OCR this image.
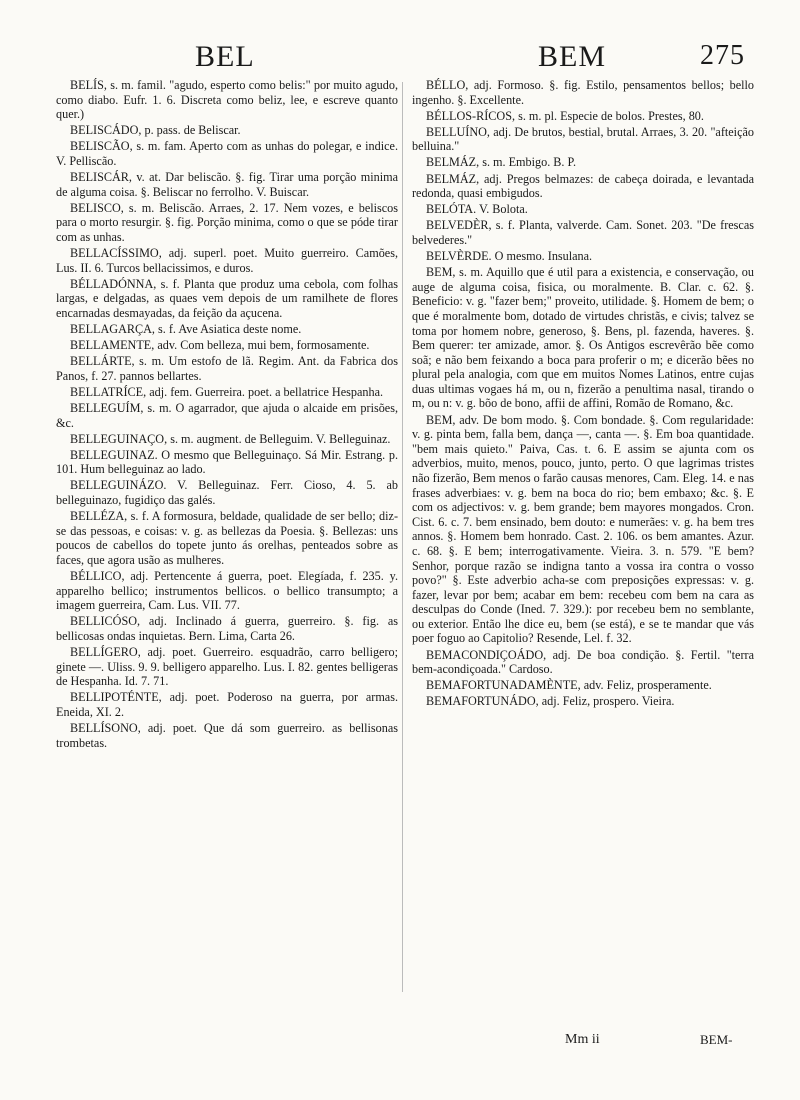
BEL	BEM	275

BELÍS, s. m. famil. "agudo, esperto como belis:" por muito agudo, como diabo. Eufr. 1. 6. Discreta como beliz, lee, e escreve quanto quer.)

BELISCÁDO, p. pass. de Beliscar.

BELISCÃO, s. m. fam. Aperto com as unhas do polegar, e indice. V. Pelliscão.

BELISCÁR, v. at. Dar beliscão. §. fig. Tirar uma porção minima de alguma coisa. §. Beliscar no ferrolho. V. Buiscar.

BELISCO, s. m. Beliscão. Arraes, 2. 17. Nem vozes, e beliscos para o morto resurgir. §. fig. Porção minima, como o que se póde tirar com as unhas.

BELLACÍSSIMO, adj. superl. poet. Muito guerreiro. Camões, Lus. II. 6. Turcos bellacissimos, e duros.

BÉLLADÓNNA, s. f. Planta que produz uma cebola, com folhas largas, e delgadas, as quaes vem depois de um ramilhete de flores encarnadas desmayadas, da feição da açucena.

BELLAGARÇA, s. f. Ave Asiatica deste nome.

BELLAMENTE, adv. Com belleza, mui bem, formosamente.

BELLÁRTE, s. m. Um estofo de lã. Regim. Ant. da Fabrica dos Panos, f. 27. pannos bellartes.

BELLATRÍCE, adj. fem. Guerreira. poet. a bellatrice Hespanha.

BELLEGUÍM, s. m. O agarrador, que ajuda o alcaide em prisões, &c.

BELLEGUINAÇO, s. m. augment. de Belleguim. V. Belleguinaz.

BELLEGUINAZ. O mesmo que Belleguinaço. Sá Mir. Estrang. p. 101. Hum belleguinaz ao lado.

BELLEGUINÁZO. V. Belleguinaz. Ferr. Cioso, 4. 5. ab belleguinazo, fugidiço das galés.

BELLÉZA, s. f. A formosura, beldade, qualidade de ser bello; diz-se das pessoas, e coisas: v. g. as bellezas da Poesia. §. Bellezas: uns poucos de cabellos do topete junto ás orelhas, penteados sobre as faces, que agora usão as mulheres.

BÉLLICO, adj. Pertencente á guerra, poet. Elegíada, f. 235. y. apparelho bellico; instrumentos bellicos. o bellico transumpto; a imagem guerreira, Cam. Lus. VII. 77.

BELLICÓSO, adj. Inclinado á guerra, guerreiro. §. fig. as bellicosas ondas inquietas. Bern. Lima, Carta 26.

BELLÍGERO, adj. poet. Guerreiro. esquadrão, carro belligero; ginete —. Uliss. 9. 9. belligero apparelho. Lus. I. 82. gentes belligeras de Hespanha. Id. 7. 71.

BELLIPOTÉNTE, adj. poet. Poderoso na guerra, por armas. Eneida, XI. 2.

BELLÍSONO, adj. poet. Que dá som guerreiro. as bellisonas trombetas.

BÉLLO, adj. Formoso. §. fig. Estilo, pensamentos bellos; bello ingenho. §. Excellente.

BÉLLOS-RÍCOS, s. m. pl. Especie de bolos. Prestes, 80.

BELLUÍNO, adj. De brutos, bestial, brutal. Arraes, 3. 20. "afteição belluina."

BELMÁZ, s. m. Embigo. B. P.

BELMÁZ, adj. Pregos belmazes: de cabeça doirada, e levantada redonda, quasi embigudos.

BELÓTA. V. Bolota.

BELVEDÈR, s. f. Planta, valverde. Cam. Sonet. 203. "De frescas belvederes."

BELVÈRDE. O mesmo. Insulana.

BEM, s. m. Aquillo que é util para a existencia, e conservação, ou auge de alguma coisa, fisica, ou moralmente. B. Clar. c. 62. §. Beneficio: v. g. "fazer bem;" proveito, utilidade. §. Homem de bem; o que é moralmente bom, dotado de virtudes christãs, e civis; talvez se toma por homem nobre, generoso, §. Bens, pl. fazenda, haveres. §. Bem querer: ter amizade, amor. §. Os Antigos escrevêrão bẽe como soã; e não bem feixando a boca para proferir o m; e dicerão bẽes no plural pela analogia, com que em muitos Nomes Latinos, entre cujas duas ultimas vogaes há m, ou n, fizerão a penultima nasal, tirando o m, ou n: v. g. bõo de bono, affii de affini, Romão de Romano, &c.

BEM, adv. De bom modo. §. Com bondade. §. Com regularidade: v. g. pinta bem, falla bem, dança —, canta —. §. Em boa quantidade. "bem mais quieto." Paiva, Cas. t. 6. E assim se ajunta com os adverbios, muito, menos, pouco, junto, perto. O que lagrimas tristes não fizerão, Bem menos o farão causas menores, Cam. Eleg. 14. e nas frases adverbiaes: v. g. bem na boca do rio; bem embaxo; &c. §. E com os adjectivos: v. g. bem grande; bem mayores mongados. Cron. Cist. 6. c. 7. bem ensinado, bem douto: e numerães: v. g. ha bem tres annos. §. Homem bem honrado. Cast. 2. 106. os bem amantes. Azur. c. 68. §. E bem; interrogativamente. Vieira. 3. n. 579. "E bem? Senhor, porque razão se indigna tanto a vossa ira contra o vosso povo?" §. Este adverbio acha-se com preposições expressas: v. g. fazer, levar por bem; acabar em bem: recebeu com bem na cara as desculpas do Conde (Ined. 7. 329.): por recebeu bem no semblante, ou exterior. Então lhe dice eu, bem (se está), e se te mandar que vás poer foguo ao Capitolio? Resende, Lel. f. 32.

BEMACONDIÇOÁDO, adj. De boa condição. §. Fertil. "terra bem-acondiçoada." Cardoso.

BEMAFORTUNADAMÈNTE, adv. Feliz, prosperamente.

BEMAFORTUNÁDO, adj. Feliz, prospero. Vieira.

Mm ii	BEM-
